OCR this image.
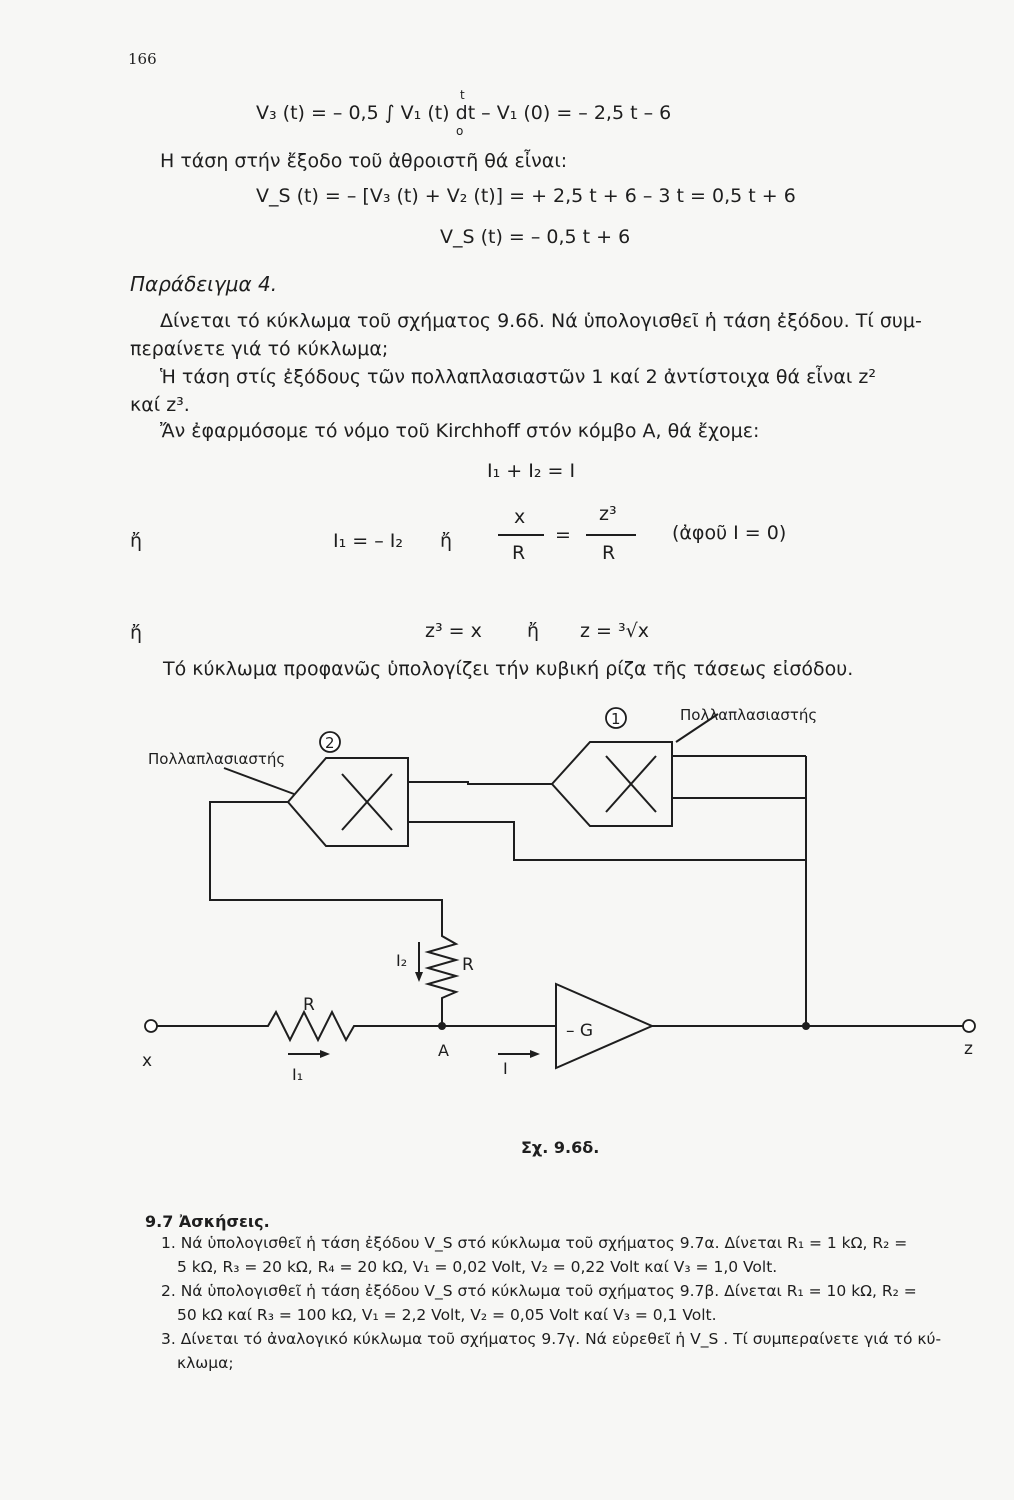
166
V₃ (t) = – 0,5 ∫ V₁ (t) dt – V₁ (0) = – 2,5 t – 6
t
o
Η τάση στήν ἔξοδο τοῦ ἀθροιστῆ θά εἶναι:
V_S (t) = – [V₃ (t) + V₂ (t)] = + 2,5 t + 6 – 3 t = 0,5 t + 6
V_S (t) = – 0,5 t + 6
Παράδειγμα 4.
Δίνεται τό κύκλωμα τοῦ σχήματος 9.6δ. Νά ὑπολογισθεῖ ἡ τάση ἐξόδου. Τί συμ-
περαίνετε γιά τό κύκλωμα;
Ἡ τάση στίς ἐξόδους τῶν πολλαπλασιαστῶν 1 καί 2 ἀντίστοιχα θά εἶναι z²
καί z³.
Ἄν ἐφαρμόσομε τό νόμο τοῦ Kirchhoff στόν κόμβο Α, θά ἔχομε:
I₁ + I₂ = I
ἤ	I₁ = – I₂ ἤ
x
R
=
z³
R
(ἀφοῦ I = 0)
ἤ	z³ = x ἤ z = ³√x
Τό κύκλωμα προφανῶς ὑπολογίζει τήν κυβική ρίζα τῆς τάσεως εἰσόδου.
1
2
Πολλαπλασιαστής
Πολλαπλασιαστής
x
z
A
R
R
– G
I₁
I₂
I
Σχ. 9.6δ.
9.7 Ἀσκήσεις.
1. Νά ὑπολογισθεῖ ἡ τάση ἐξόδου V_S στό κύκλωμα τοῦ σχήματος 9.7α. Δίνεται R₁ = 1 kΩ, R₂ =
5 kΩ, R₃ = 20 kΩ, R₄ = 20 kΩ, V₁ = 0,02 Volt, V₂ = 0,22 Volt καί V₃ = 1,0 Volt.
2. Νά ὑπολογισθεῖ ἡ τάση ἐξόδου V_S στό κύκλωμα τοῦ σχήματος 9.7β. Δίνεται R₁ = 10 kΩ, R₂ =
50 kΩ καί R₃ = 100 kΩ, V₁ = 2,2 Volt, V₂ = 0,05 Volt καί V₃ = 0,1 Volt.
3. Δίνεται τό ἀναλογικό κύκλωμα τοῦ σχήματος 9.7γ. Νά εὑρεθεῖ ἡ V_S . Τί συμπεραίνετε γιά τό κύ-
κλωμα;
